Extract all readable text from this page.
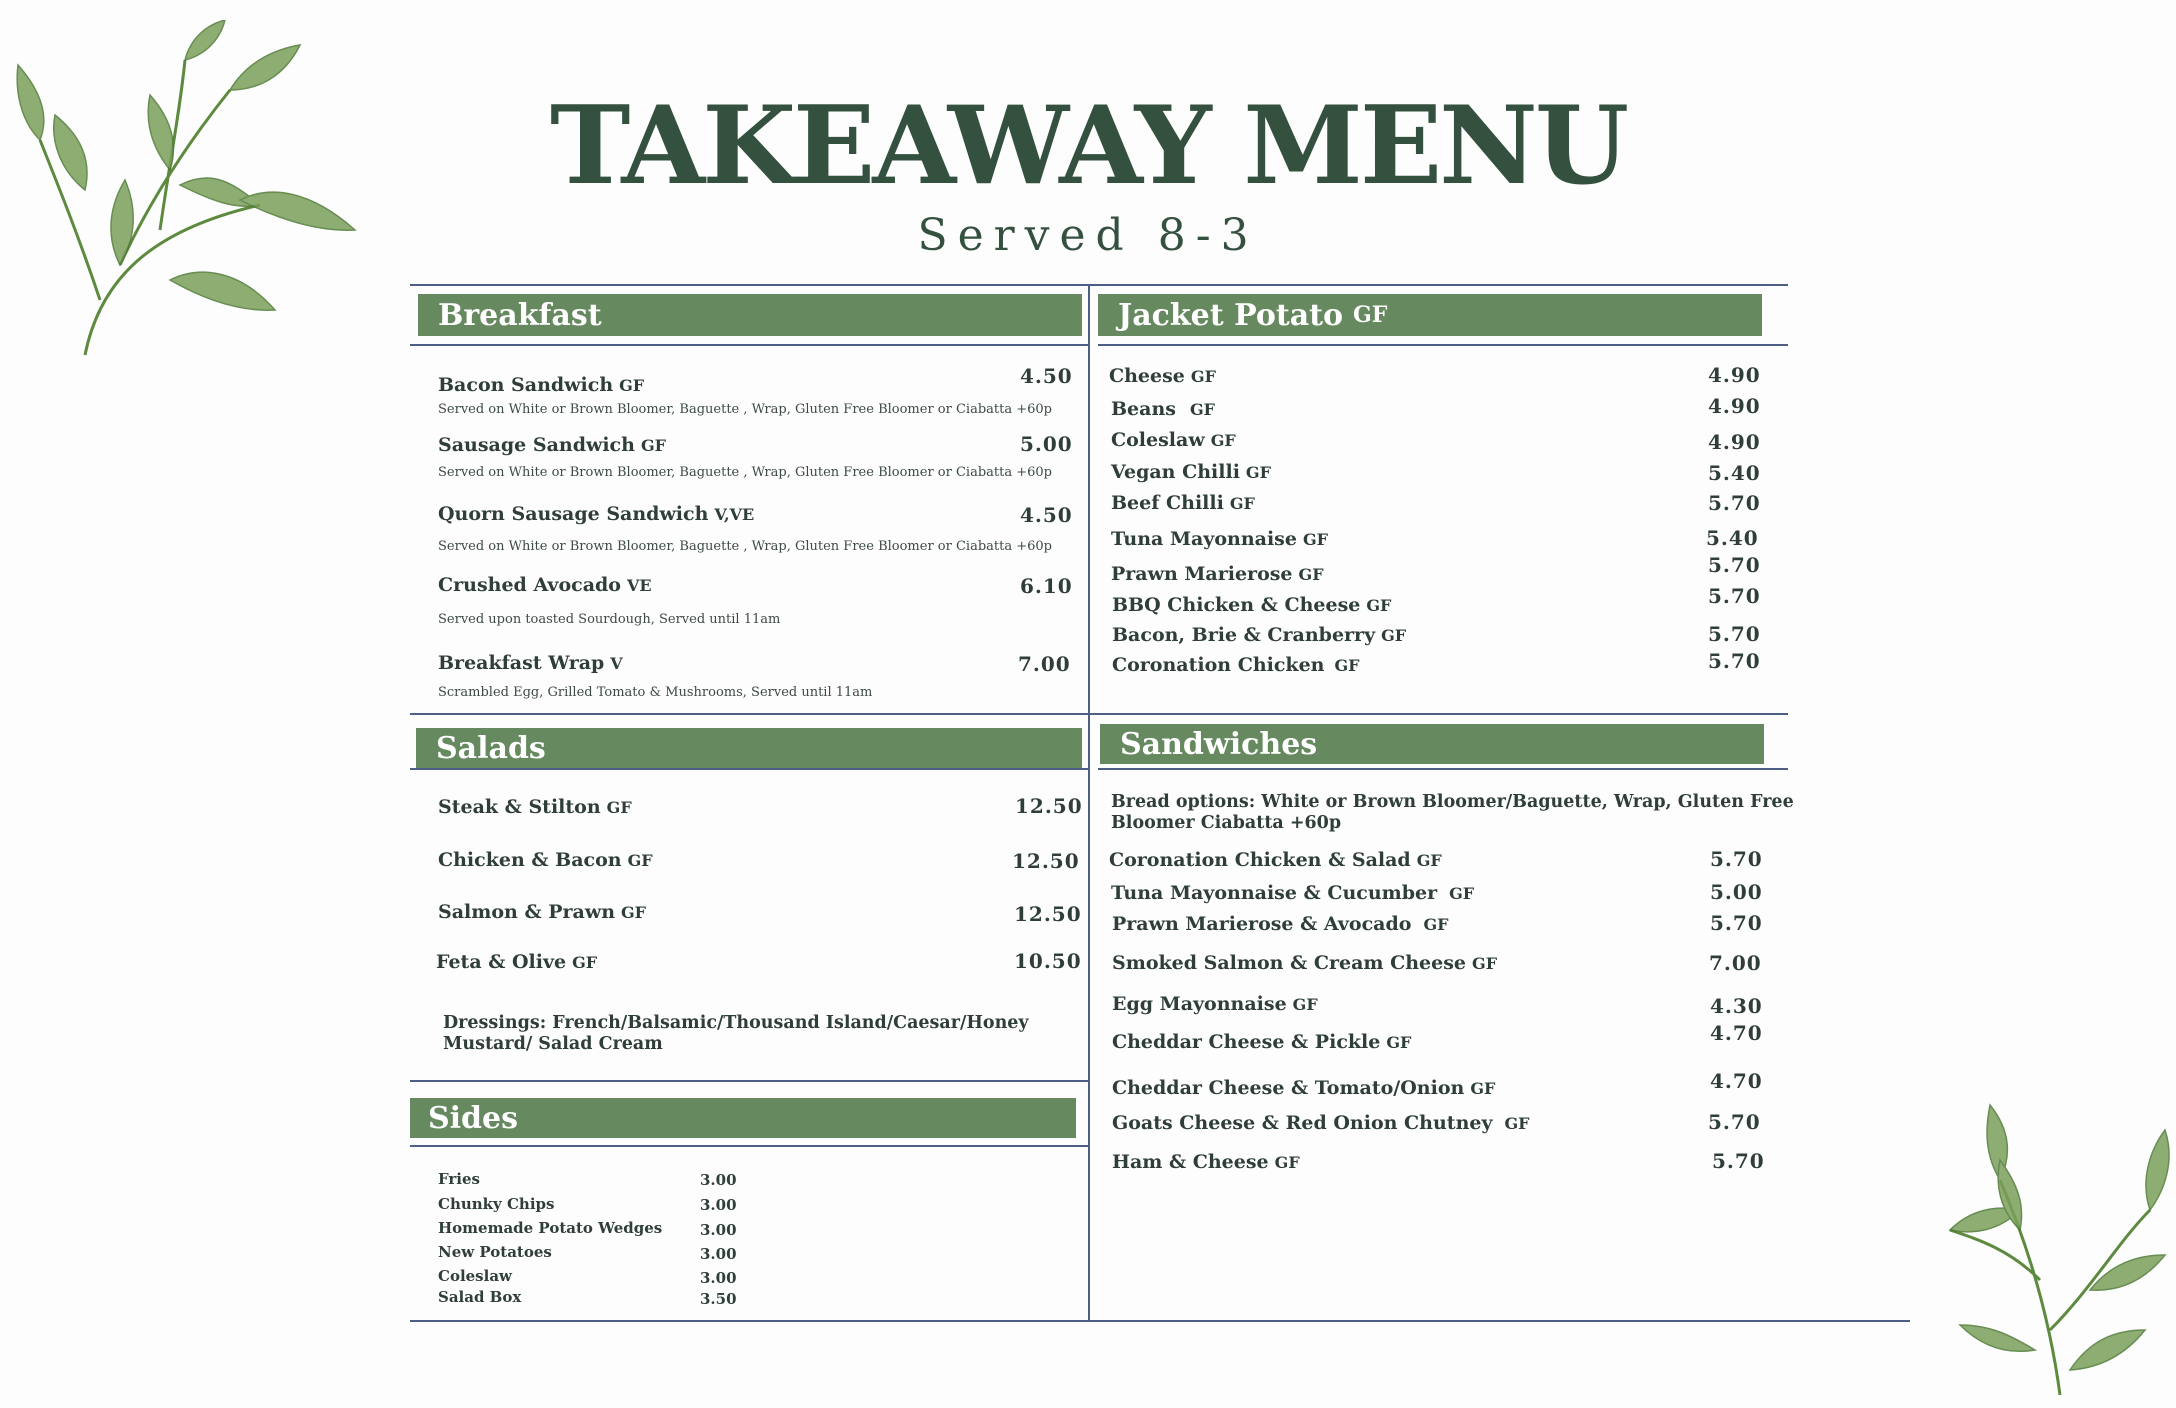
TAKEAWAY MENU
Served 8-3
Breakfast	Jacket Potato GF
Salads	Sandwiches
Sides
Bacon Sandwich GF	4.50
Served on White or Brown Bloomer, Baguette , Wrap, Gluten Free Bloomer or Ciabatta +60p
Sausage Sandwich GF	5.00
Served on White or Brown Bloomer, Baguette , Wrap, Gluten Free Bloomer or Ciabatta +60p
Quorn Sausage Sandwich V,VE	4.50
Served on White or Brown Bloomer, Baguette , Wrap, Gluten Free Bloomer or Ciabatta +60p
Crushed Avocado VE	6.10
Served upon toasted Sourdough, Served until 11am
Breakfast Wrap V	7.00
Scrambled Egg, Grilled Tomato & Mushrooms, Served until 11am
Steak & Stilton GF	12.50
Chicken & Bacon GF	12.50
Salmon & Prawn GF	12.50
Feta & Olive GF	10.50
Dressings: French/Balsamic/Thousand Island/Caesar/Honey Mustard/ Salad Cream
Fries	3.00
Chunky Chips	3.00
Homemade Potato Wedges	3.00
New Potatoes	3.00
Coleslaw	3.00
Salad Box	3.50
Cheese GF	4.90
Beans GF	4.90
Coleslaw GF	4.90
Vegan Chilli GF	5.40
Beef Chilli GF	5.70
Tuna Mayonnaise GF	5.40
Prawn Marierose GF	5.70
BBQ Chicken & Cheese GF	5.70
Bacon, Brie & Cranberry GF	5.70
Coronation Chicken GF	5.70
Bread options: White or Brown Bloomer/Baguette, Wrap, Gluten Free Bloomer Ciabatta +60p
Coronation Chicken & Salad GF	5.70
Tuna Mayonnaise & Cucumber GF	5.00
Prawn Marierose & Avocado GF	5.70
Smoked Salmon & Cream Cheese GF	7.00
Egg Mayonnaise GF	4.30
Cheddar Cheese & Pickle GF	4.70
Cheddar Cheese & Tomato/Onion GF	4.70
Goats Cheese & Red Onion Chutney GF	5.70
Ham & Cheese GF	5.70
